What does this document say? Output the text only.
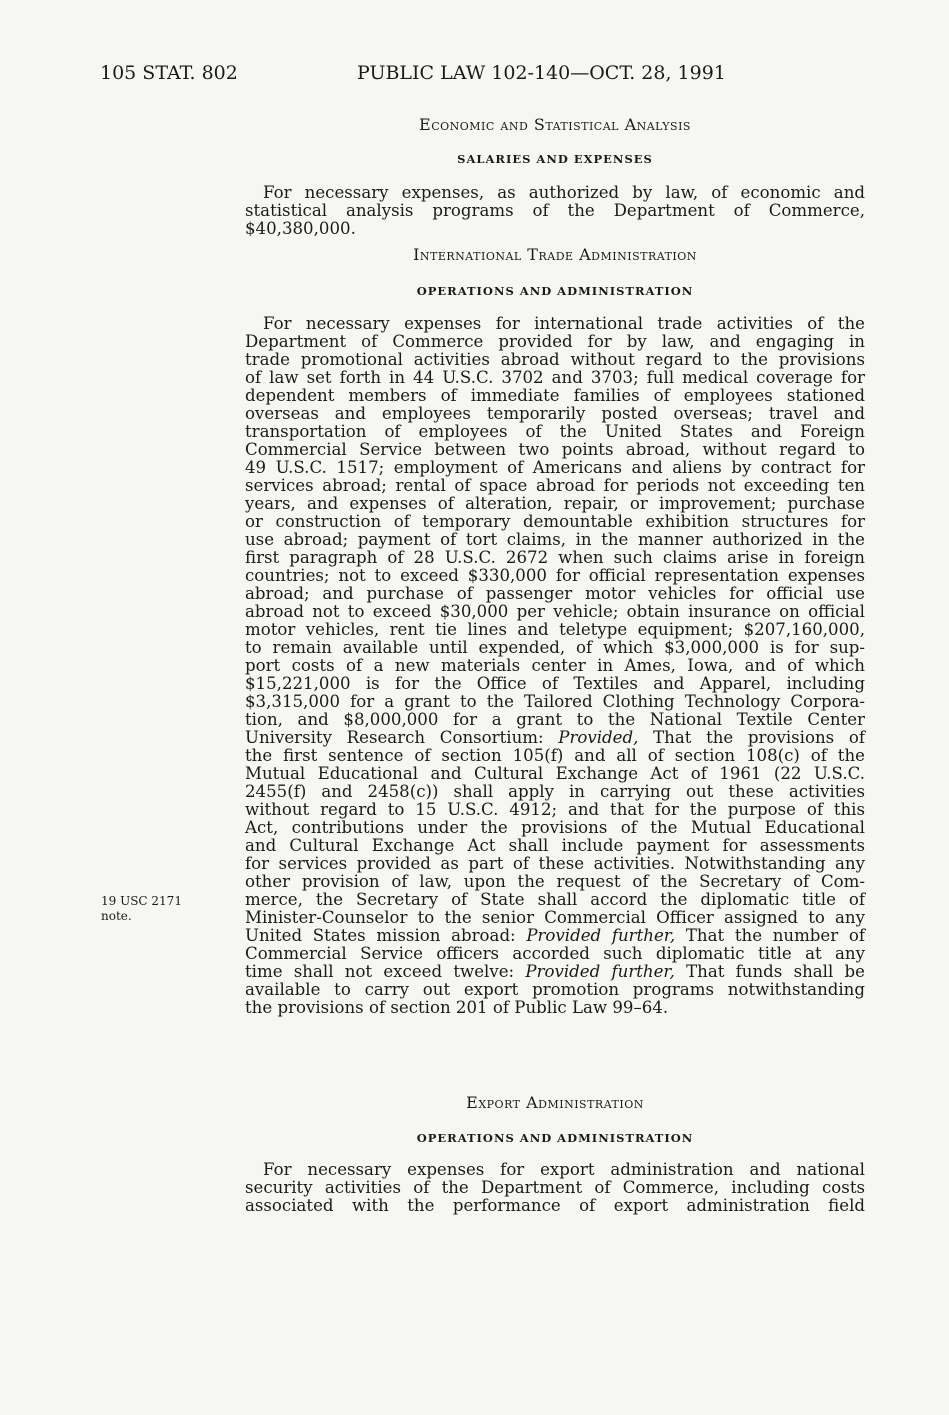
105 STAT. 802	PUBLIC LAW 102-140—OCT. 28, 1991
Economic and Statistical Analysis
SALARIES AND EXPENSES
For necessary expenses, as authorized by law, of economic and
statistical analysis programs of the Department of Commerce,
$40,380,000.
International Trade Administration
OPERATIONS AND ADMINISTRATION
For necessary expenses for international trade activities of the
Department of Commerce provided for by law, and engaging in
trade promotional activities abroad without regard to the provisions
of law set forth in 44 U.S.C. 3702 and 3703; full medical coverage for
dependent members of immediate families of employees stationed
overseas and employees temporarily posted overseas; travel and
transportation of employees of the United States and Foreign
Commercial Service between two points abroad, without regard to
49 U.S.C. 1517; employment of Americans and aliens by contract for
services abroad; rental of space abroad for periods not exceeding ten
years, and expenses of alteration, repair, or improvement; purchase
or construction of temporary demountable exhibition structures for
use abroad; payment of tort claims, in the manner authorized in the
first paragraph of 28 U.S.C. 2672 when such claims arise in foreign
countries; not to exceed $330,000 for official representation expenses
abroad; and purchase of passenger motor vehicles for official use
abroad not to exceed $30,000 per vehicle; obtain insurance on official
motor vehicles, rent tie lines and teletype equipment; $207,160,000,
to remain available until expended, of which $3,000,000 is for sup-
port costs of a new materials center in Ames, Iowa, and of which
$15,221,000 is for the Office of Textiles and Apparel, including
$3,315,000 for a grant to the Tailored Clothing Technology Corpora-
tion, and $8,000,000 for a grant to the National Textile Center
University Research Consortium: Provided, That the provisions of
the first sentence of section 105(f) and all of section 108(c) of the
Mutual Educational and Cultural Exchange Act of 1961 (22 U.S.C.
2455(f) and 2458(c)) shall apply in carrying out these activities
without regard to 15 U.S.C. 4912; and that for the purpose of this
Act, contributions under the provisions of the Mutual Educational
and Cultural Exchange Act shall include payment for assessments
for services provided as part of these activities. Notwithstanding any
other provision of law, upon the request of the Secretary of Com-
merce, the Secretary of State shall accord the diplomatic title of
Minister-Counselor to the senior Commercial Officer assigned to any
United States mission abroad: Provided further, That the number of
Commercial Service officers accorded such diplomatic title at any
time shall not exceed twelve: Provided further, That funds shall be
available to carry out export promotion programs notwithstanding
the provisions of section 201 of Public Law 99–64.
19 USC 2171
note.
Export Administration
OPERATIONS AND ADMINISTRATION
For necessary expenses for export administration and national
security activities of the Department of Commerce, including costs
associated with the performance of export administration field
